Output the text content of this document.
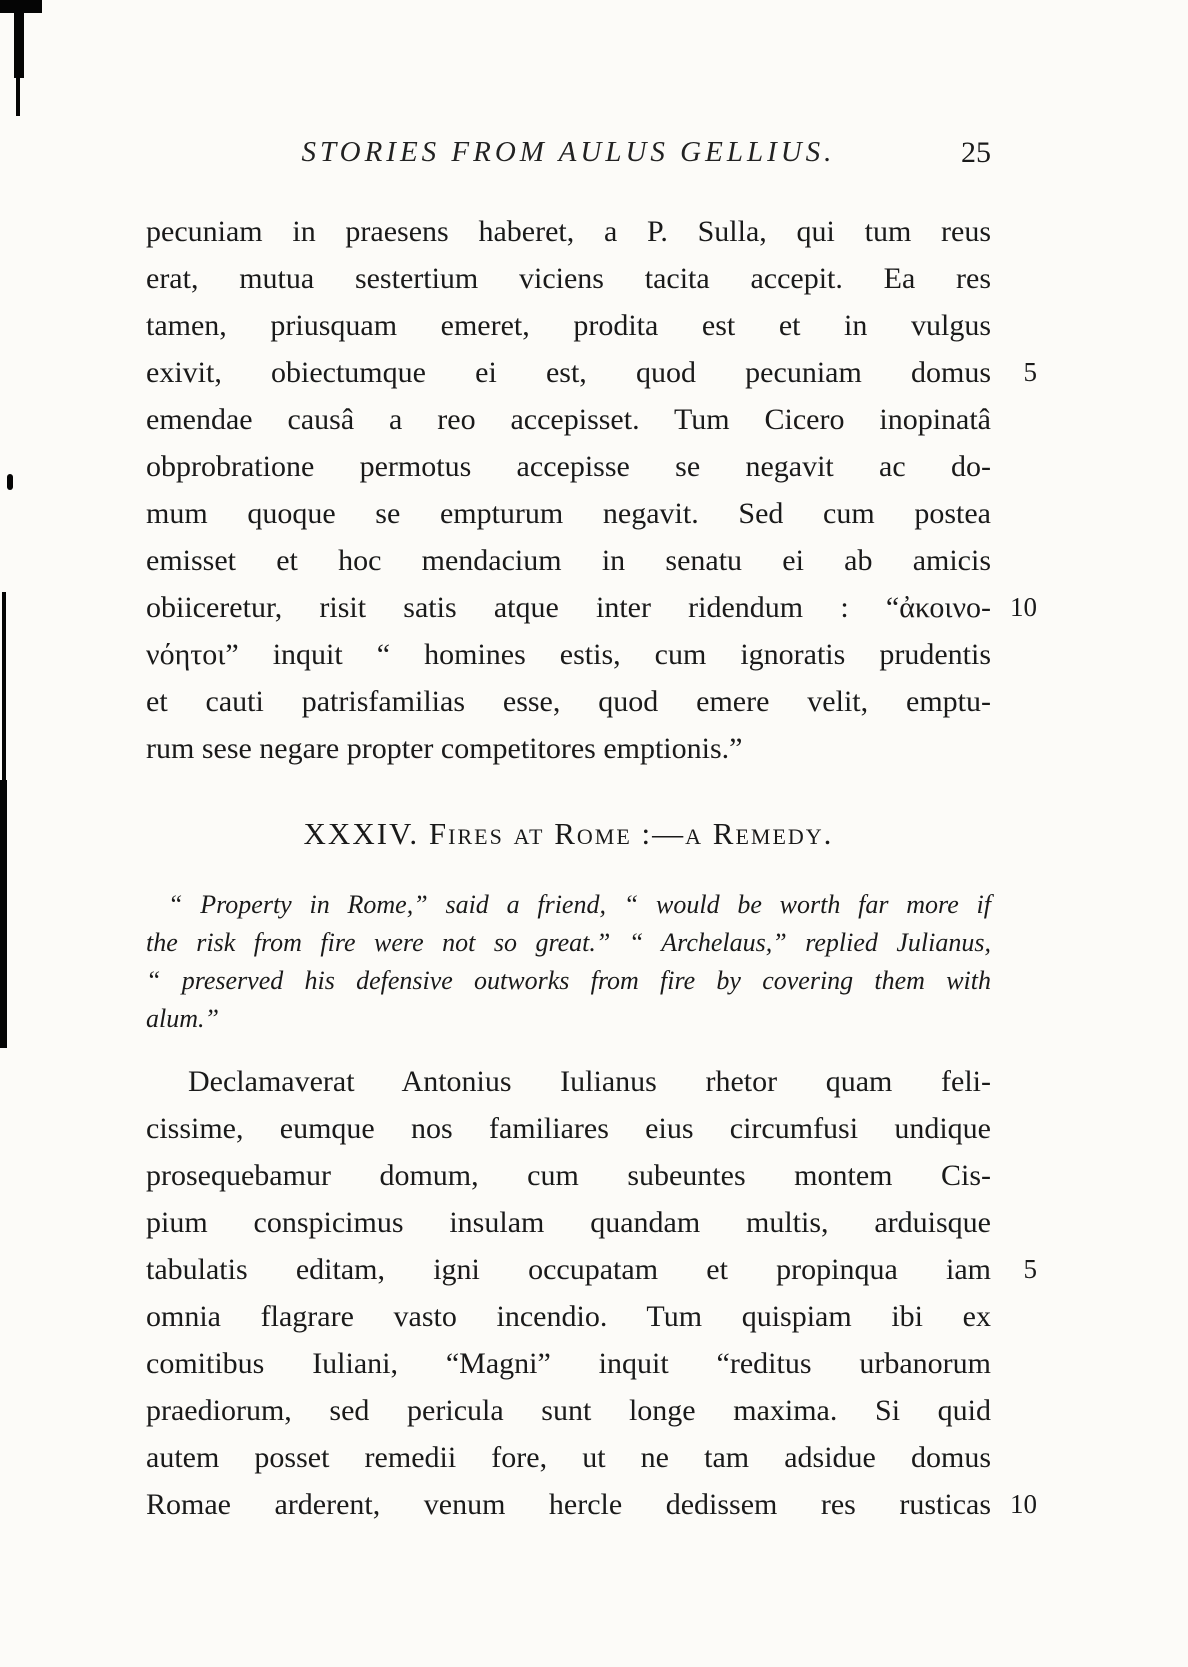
STORIES FROM AULUS GELLIUS.	25
pecuniam in praesens haberet, a P. Sulla, qui tum reus
erat, mutua sestertium viciens tacita accepit. Ea res
tamen, priusquam emeret, prodita est et in vulgus
exivit, obiectumque ei est, quod pecuniam domus	5
emendae causâ a reo accepisset. Tum Cicero inopinatâ
obprobratione permotus accepisse se negavit ac do-
mum quoque se empturum negavit. Sed cum postea
emisset et hoc mendacium in senatu ei ab amicis
obiiceretur, risit satis atque inter ridendum : “ἀκοινο- 10
νόητοι” inquit “ homines estis, cum ignoratis prudentis
et cauti patrisfamilias esse, quod emere velit, emptu-
rum sese negare propter competitores emptionis.”
XXXIV. Fires at Rome :—a Remedy.
“ Property in Rome,” said a friend, “ would be worth far more if
the risk from fire were not so great.” “ Archelaus,” replied Julianus,
“ preserved his defensive outworks from fire by covering them with
alum.”
Declamaverat Antonius Iulianus rhetor quam feli-
cissime, eumque nos familiares eius circumfusi undique
prosequebamur domum, cum subeuntes montem Cis-
pium conspicimus insulam quandam multis, arduisque
tabulatis editam, igni occupatam et propinqua iam	5
omnia flagrare vasto incendio. Tum quispiam ibi ex
comitibus Iuliani, “Magni” inquit “reditus urbanorum
praediorum, sed pericula sunt longe maxima. Si quid
autem posset remedii fore, ut ne tam adsidue domus
Romae arderent, venum hercle dedissem res rusticas 10
